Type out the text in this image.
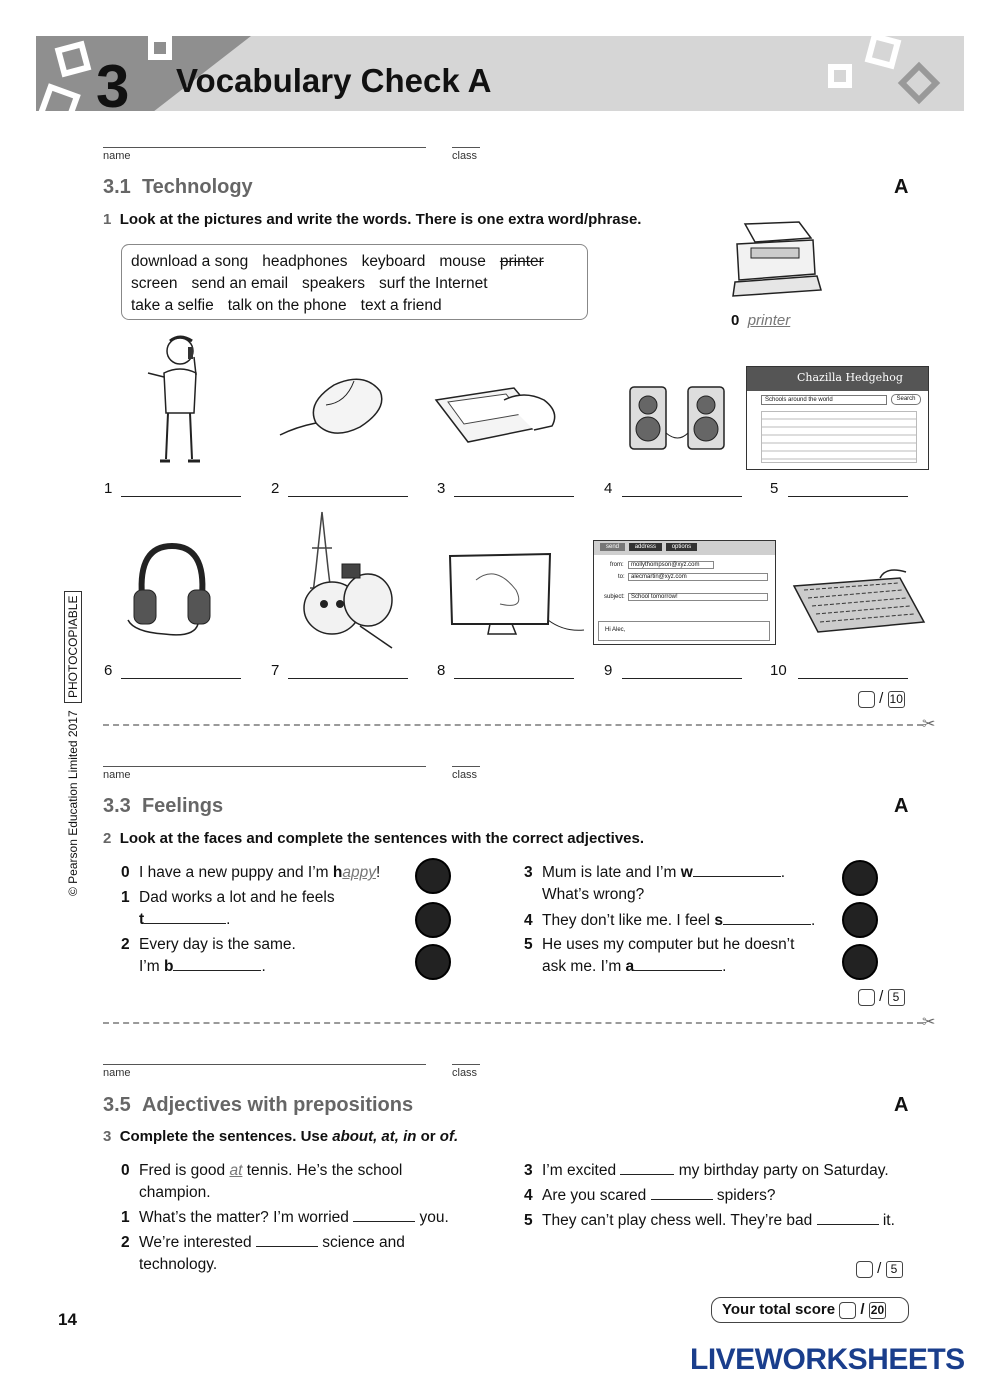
3 Vocabulary Check A
© Pearson Education Limited 2017 PHOTOCOPIABLE
name	class
3.1 Technology	A
1 Look at the pictures and write the words. There is one extra word/phrase.
download a song headphones keyboard mouse printerscreen send an email speakers surf the Internettake a selfie talk on the phone text a friend
0 printer
Chazilla Hedgehog
Schools around the world	Search
1	2	3	4	5
send	address	options
from:	mollythompson@xyz.com
to:	alecmartin@xyz.com
subject:	School tomorrow!
Hi Alec,
6	7	8	9	10
/ 10
✂
name	class
3.3 Feelings	A
2 Look at the faces and complete the sentences with the correct adjectives.
0 I have a new puppy and I’m happy!
1 Dad works a lot and he feels
t	.
2 Every day is the same.
I’m b	.
3 Mum is late and I’m w	.
What’s wrong?
4 They don’t like me. I feel s	.
5 He uses my computer but he doesn’t
ask me. I’m a	.
/ 5
✂
name	class
3.5 Adjectives with prepositions	A
3 Complete the sentences. Use about, at, in or of.
0 Fred is good at tennis. He’s the school
champion.
1 What’s the matter? I’m worried	you.
2 We’re interested	science and
technology.
3 I’m excited	my birthday party on Saturday.
4 Are you scared	spiders?
5 They can’t play chess well. They’re bad	it.
/ 5
14
Your total score  / 20
LIVEWORKSHEETS
